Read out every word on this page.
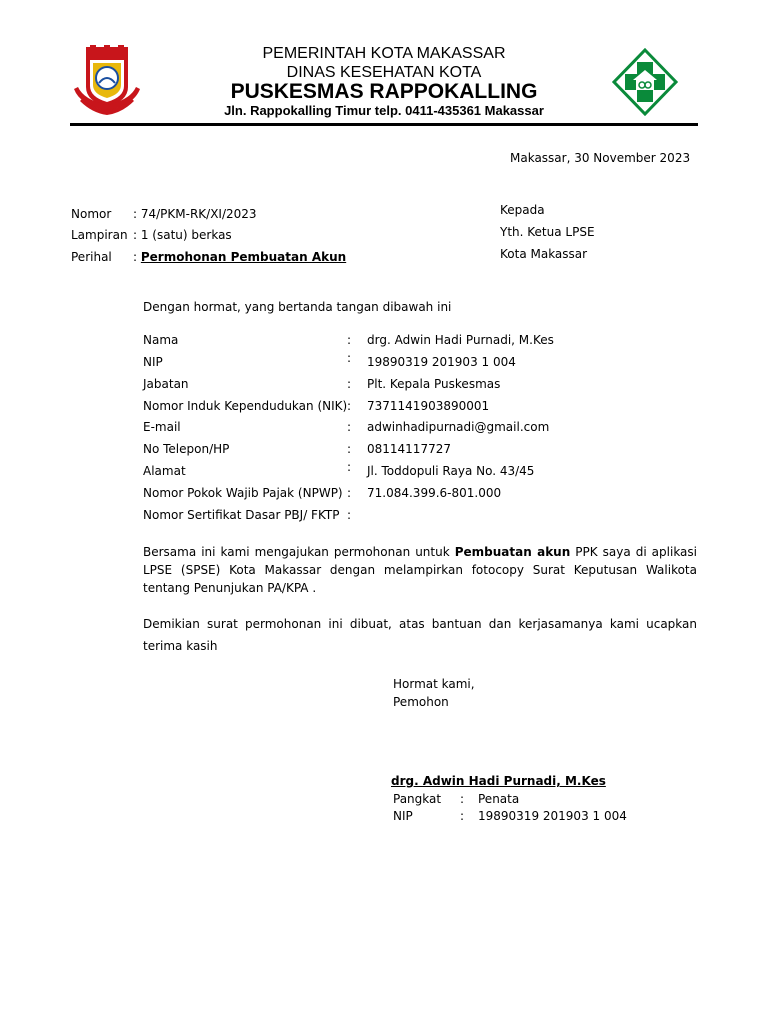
PEMERINTAH KOTA MAKASSAR
DINAS KESEHATAN KOTA
PUSKESMAS RAPPOKALLING
Jln. Rappokalling Timur telp. 0411-435361 Makassar
Makassar, 30 November 2023
Nomor : 74/PKM-RK/XI/2023
Lampiran : 1 (satu) berkas
Perihal : Permohonan Pembuatan Akun
Kepada
Yth. Ketua LPSE
Kota Makassar
Dengan hormat, yang bertanda tangan dibawah ini
Nama	: drg. Adwin Hadi Purnadi, M.Kes
NIP	: 19890319 201903 1 004
Jabatan	: Plt. Kepala Puskesmas
Nomor Induk Kependudukan (NIK) : 7371141903890001
E-mail	: adwinhadipurnadi@gmail.com
No Telepon/HP	: 08114117727
Alamat	: Jl. Toddopuli Raya No. 43/45
Nomor Pokok Wajib Pajak (NPWP) : 71.084.399.6-801.000
Nomor Sertifikat Dasar PBJ/ FKTP :
Bersama ini kami mengajukan permohonan untuk Pembuatan akun PPK saya di aplikasi LPSE (SPSE) Kota Makassar dengan melampirkan fotocopy Surat Keputusan Walikota tentang Penunjukan PA/KPA .
Demikian surat permohonan ini dibuat, atas bantuan dan kerjasamanya kami ucapkan terima kasih
Hormat kami,
Pemohon
drg. Adwin Hadi Purnadi, M.Kes
Pangkat : Penata
NIP	: 19890319 201903 1 004
